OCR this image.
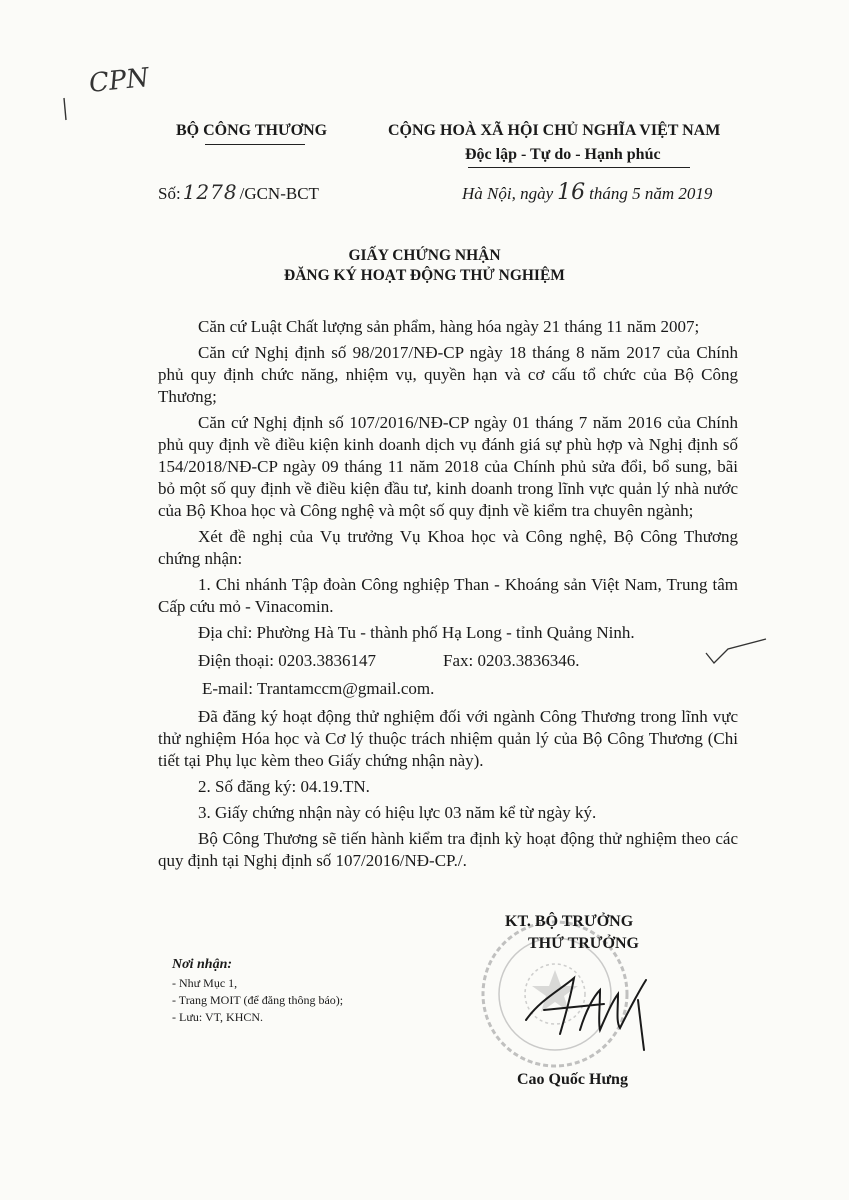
CPN
BỘ CÔNG THƯƠNG	CỘNG HOÀ XÃ HỘI CHỦ NGHĨA VIỆT NAM
Độc lập - Tự do - Hạnh phúc
Số: 1278 /GCN-BCT	Hà Nội, ngày 16 tháng 5 năm 2019
GIẤY CHỨNG NHẬN
ĐĂNG KÝ HOẠT ĐỘNG THỬ NGHIỆM

Căn cứ Luật Chất lượng sản phẩm, hàng hóa ngày 21 tháng 11 năm 2007;

Căn cứ Nghị định số 98/2017/NĐ-CP ngày 18 tháng 8 năm 2017 của Chính phủ quy định chức năng, nhiệm vụ, quyền hạn và cơ cấu tổ chức của Bộ Công Thương;

Căn cứ Nghị định số 107/2016/NĐ-CP ngày 01 tháng 7 năm 2016 của Chính phủ quy định về điều kiện kinh doanh dịch vụ đánh giá sự phù hợp và Nghị định số 154/2018/NĐ-CP ngày 09 tháng 11 năm 2018 của Chính phủ sửa đổi, bổ sung, bãi bỏ một số quy định về điều kiện đầu tư, kinh doanh trong lĩnh vực quản lý nhà nước của Bộ Khoa học và Công nghệ và một số quy định về kiểm tra chuyên ngành;

Xét đề nghị của Vụ trưởng Vụ Khoa học và Công nghệ, Bộ Công Thương chứng nhận:

1. Chi nhánh Tập đoàn Công nghiệp Than - Khoáng sản Việt Nam, Trung tâm Cấp cứu mỏ - Vinacomin.

Địa chỉ: Phường Hà Tu - thành phố Hạ Long - tỉnh Quảng Ninh.

Điện thoại: 0203.3836147	Fax: 0203.3836346.
E-mail: Trantamccm@gmail.com.

Đã đăng ký hoạt động thử nghiệm đối với ngành Công Thương trong lĩnh vực thử nghiệm Hóa học và Cơ lý thuộc trách nhiệm quản lý của Bộ Công Thương (Chi tiết tại Phụ lục kèm theo Giấy chứng nhận này).

2. Số đăng ký: 04.19.TN.

3. Giấy chứng nhận này có hiệu lực 03 năm kể từ ngày ký.

Bộ Công Thương sẽ tiến hành kiểm tra định kỳ hoạt động thử nghiệm theo các quy định tại Nghị định số 107/2016/NĐ-CP./.

KT. BỘ TRƯỞNG
THỨ TRƯỞNG
Cao Quốc Hưng
Nơi nhận:
- Như Mục 1,
- Trang MOIT (để đăng thông báo);
- Lưu: VT, KHCN.
